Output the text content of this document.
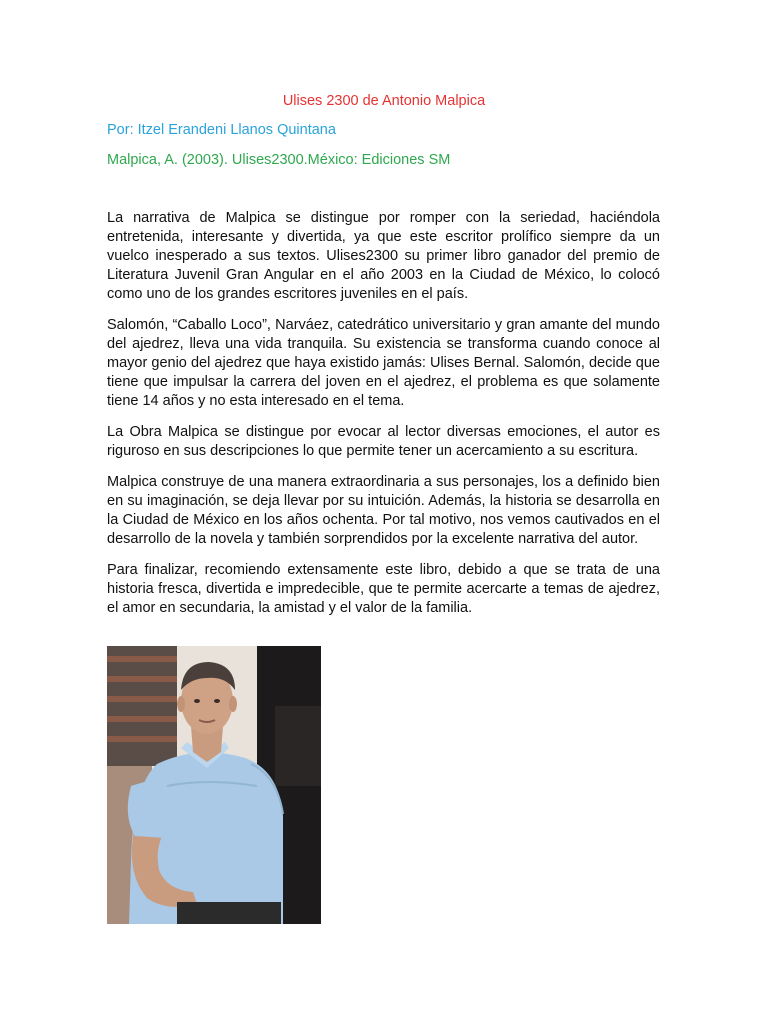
Ulises 2300 de Antonio Malpica
Por: Itzel Erandeni Llanos Quintana
Malpica, A. (2003). Ulises2300.México: Ediciones SM

La narrativa de Malpica se distingue por romper con la seriedad, haciéndola entretenida, interesante y divertida, ya que este escritor prolífico siempre da un vuelco inesperado a sus textos. Ulises2300 su primer libro ganador del premio de Literatura Juvenil Gran Angular en el año 2003 en la Ciudad de México, lo colocó como uno de los grandes escritores juveniles en el país.

Salomón, “Caballo Loco”, Narváez, catedrático universitario y gran amante del mundo del ajedrez, lleva una vida tranquila. Su existencia se transforma cuando conoce al mayor genio del ajedrez que haya existido jamás: Ulises Bernal. Salomón, decide que tiene que impulsar la carrera del joven en el ajedrez, el problema es que solamente tiene 14 años y no esta interesado en el tema.

La Obra Malpica se distingue por evocar al lector diversas emociones, el autor es riguroso en sus descripciones lo que permite tener un acercamiento a su escritura.

Malpica construye de una manera extraordinaria a sus personajes, los a definido bien en su imaginación, se deja llevar por su intuición. Además, la historia se desarrolla en la Ciudad de México en los años ochenta. Por tal motivo, nos vemos cautivados en el desarrollo de la novela y también sorprendidos por la excelente narrativa del autor.

Para finalizar, recomiendo extensamente este libro, debido a que se trata de una historia fresca, divertida e impredecible, que te permite acercarte a temas de ajedrez, el amor en secundaria, la amistad y el valor de la familia.
